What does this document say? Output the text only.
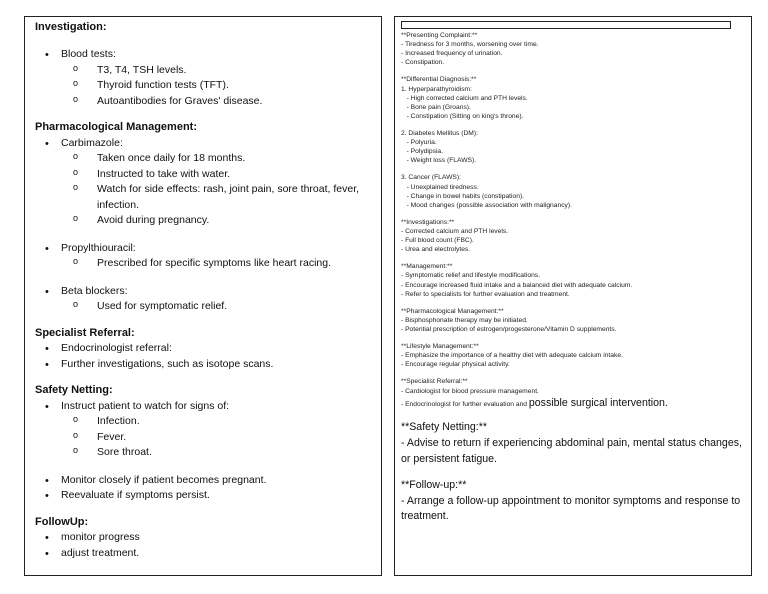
Investigation:
• Blood tests:
o T3, T4, TSH levels.
o Thyroid function tests (TFT).
o Autoantibodies for Graves' disease.
Pharmacological Management:
• Carbimazole:
o Taken once daily for 18 months.
o Instructed to take with water.
o Watch for side effects: rash, joint pain, sore throat, fever, infection.
o Avoid during pregnancy.
• Propylthiouracil:
o Prescribed for specific symptoms like heart racing.
• Beta blockers:
o Used for symptomatic relief.
Specialist Referral:
• Endocrinologist referral:
• Further investigations, such as isotope scans.
Safety Netting:
• Instruct patient to watch for signs of:
o Infection.
o Fever.
o Sore throat.
• Monitor closely if patient becomes pregnant.
• Reevaluate if symptoms persist.
FollowUp:
• monitor progress
• adjust treatment.

**Presenting Complaint:**

- Tiredness for 3 months, worsening over time.

- Increased frequency of urination.

- Constipation.

**Differential Diagnosis:**

1. Hyperparathyroidism:

- High corrected calcium and PTH levels.

- Bone pain (Groans).

- Constipation (Sitting on king's throne).

2. Diabetes Mellitus (DM):

- Polyuria.

- Polydipsia.

- Weight loss (FLAWS).

3. Cancer (FLAWS):

- Unexplained tiredness.

- Change in bowel habits (constipation).

- Mood changes (possible association with malignancy).

**Investigations:**

- Corrected calcium and PTH levels.

- Full blood count (FBC).

- Urea and electrolytes.

**Management:**

- Symptomatic relief and lifestyle modifications.

- Encourage increased fluid intake and a balanced diet with adequate calcium.

- Refer to specialists for further evaluation and treatment.

**Pharmacological Management:**

- Bisphosphonate therapy may be initiated.

- Potential prescription of estrogen/progesterone/Vitamin D supplements.

**Lifestyle Management:**

- Emphasize the importance of a healthy diet with adequate calcium intake.

- Encourage regular physical activity.

**Specialist Referral:**

- Cardiologist for blood pressure management.

- Endocrinologist for further evaluation and possible surgical intervention.

**Safety Netting:**

- Advise to return if experiencing abdominal pain, mental status changes, or persistent fatigue.

**Follow-up:**

- Arrange a follow-up appointment to monitor symptoms and response to treatment.
